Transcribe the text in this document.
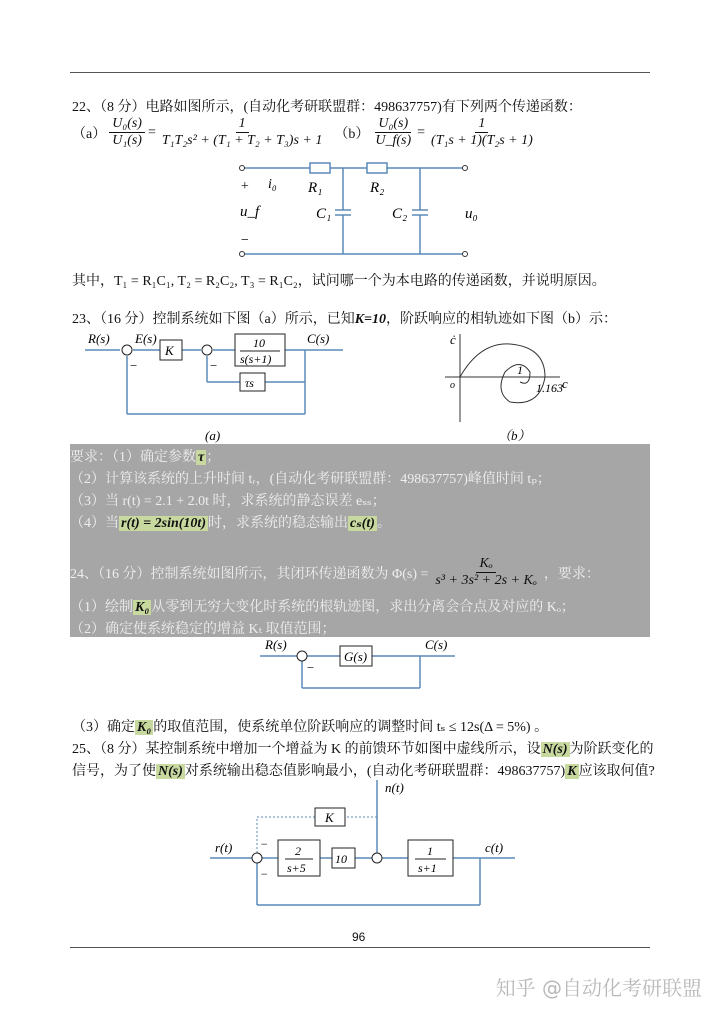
22、（8 分）电路如图所示，(自动化考研联盟群：498637757)有下列两个传递函数：
$(a) \frac{\text{U₀(s)}}{\text{U₁(s)}} = \frac{1}{\text{T₁T₂s² + (T₁ + T₂ + T₃)s + 1}} (b) \frac{\text{U₀(s)}}{U\_f(s)} = \frac{1}{\text{(T₁s + 1)(T₂s + 1)}}$
i₀ R₁	R₂
C₁	C₂
u_f	u₀
+
−
其中，T₁ = R₁C₁, T₂ = R₂C₂, T₃ = R₁C₂，试问哪一个为本电路的传递函数，并说明原因。
23、（16 分）控制系统如下图（a）所示，已知K=10，阶跃响应的相轨迹如下图（b）示：
R(s) E(s)
K	10
s(s+1)
τs
C(s)
−	−
(a)
ċ
c
o
1
1.163
（b）
要求：（1）确定参数 τ ；
（2）计算该系统的上升时间 tᵣ，(自动化考研联盟群：498637757)峰值时间 tₚ；
（3）当 r(t) = 2.1 + 2.0t 时，求系统的静态误差 eₛₛ；
（4）当 r(t) = 2sin(10t) 时，求系统的稳态输出 cₛ(t) 。
24、（16 分）控制系统如图所示，其闭环传递函数为 $\Phi(s) = \frac{\text{Kₒ}}{\text{s³ + 3s² + 2s + Kₒ}}$ ，要求：
（1）绘制 K₀ 从零到无穷大变化时系统的根轨迹图，求出分离会合点及对应的 Kₒ；
（2）确定使系统稳定的增益 Kₜ 取值范围；
R(s)
G(s)
C(s)
−
（3）确定 K₀ 的取值范围，使系统单位阶跃响应的调整时间 tₛ ≤ 12s(Δ = 5%) 。
25、（8 分）某控制系统中增加一个增益为 K 的前馈环节如图中虚线所示，设 N(s) 为阶跃变化的
信号，为了使 N(s) 对系统输出稳态值影响最小，(自动化考研联盟群：498637757) K 应该取何值?
n(t)
K
r(t)	2
s+5
10
1
s+1
c(t)
−
−
96
知乎 @自动化考研联盟
